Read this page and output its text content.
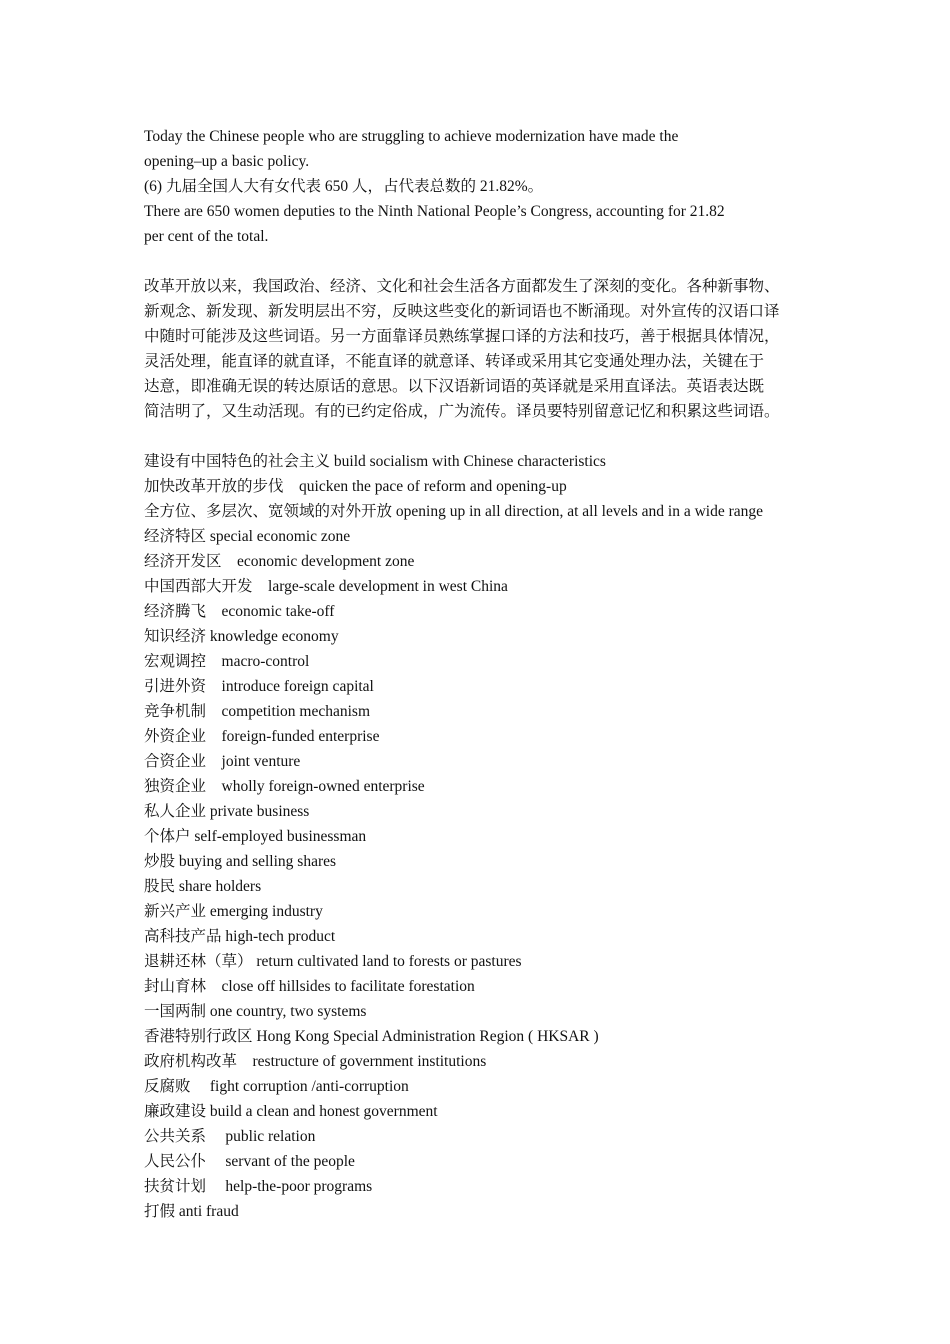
Today the Chinese people who are struggling to achieve modernization have made the
opening–up a basic policy.
(6) 九届全国人大有女代表 650 人，占代表总数的 21.82%。
There are 650 women deputies to the Ninth National People’s Congress, accounting for 21.82
per cent of the total.
改革开放以来，我国政治、经济、文化和社会生活各方面都发生了深刻的变化。各种新事物、
新观念、新发现、新发明层出不穷，反映这些变化的新词语也不断涌现。对外宣传的汉语口译
中随时可能涉及这些词语。另一方面靠译员熟练掌握口译的方法和技巧，善于根据具体情况，
灵活处理，能直译的就直译，不能直译的就意译、转译或采用其它变通处理办法，关键在于
达意，即准确无误的转达原话的意思。以下汉语新词语的英译就是采用直译法。英语表达既
简洁明了，又生动活现。有的已约定俗成，广为流传。译员要特别留意记忆和积累这些词语。
建设有中国特色的社会主义 build socialism with Chinese characteristics
加快改革开放的步伐 quicken the pace of reform and opening-up
全方位、多层次、宽领域的对外开放 opening up in all direction, at all levels and in a wide range
经济特区 special economic zone
经济开发区 economic development zone
中国西部大开发 large-scale development in west China
经济腾飞 economic take-off
知识经济 knowledge economy
宏观调控 macro-control
引进外资 introduce foreign capital
竞争机制 competition mechanism
外资企业 foreign-funded enterprise
合资企业 joint venture
独资企业 wholly foreign-owned enterprise
私人企业 private business
个体户 self-employed businessman
炒股 buying and selling shares
股民 share holders
新兴产业 emerging industry
高科技产品 high-tech product
退耕还林（草） return cultivated land to forests or pastures
封山育林 close off hillsides to facilitate forestation
一国两制 one country, two systems
香港特别行政区 Hong Kong Special Administration Region ( HKSAR )
政府机构改革 restructure of government institutions
反腐败 fight corruption /anti-corruption
廉政建设 build a clean and honest government
公共关系 public relation
人民公仆 servant of the people
扶贫计划 help-the-poor programs
打假 anti fraud
